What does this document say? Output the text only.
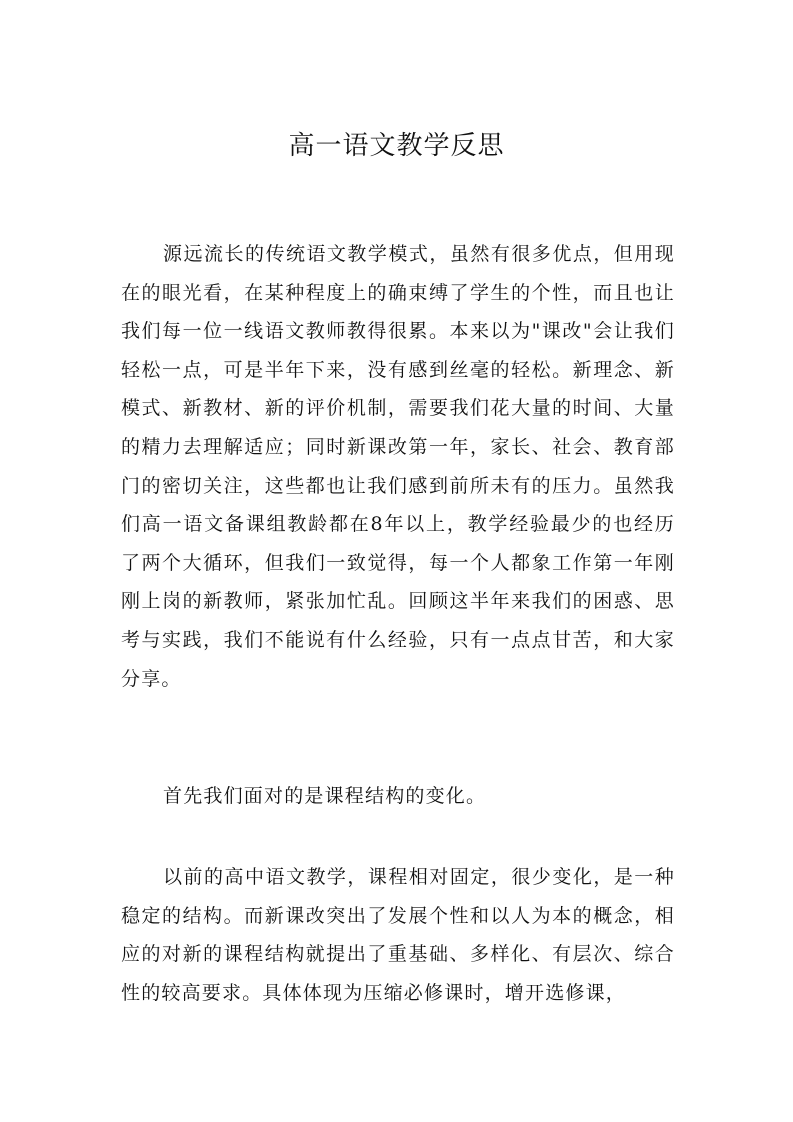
高一语文教学反思

源远流长的传统语文教学模式，虽然有很多优点，但用现在的眼光看，在某种程度上的确束缚了学生的个性，而且也让我们每一位一线语文教师教得很累。本来以为"课改"会让我们轻松一点，可是半年下来，没有感到丝毫的轻松。新理念、新模式、新教材、新的评价机制，需要我们花大量的时间、大量的精力去理解适应；同时新课改第一年，家长、社会、教育部门的密切关注，这些都也让我们感到前所未有的压力。虽然我们高一语文备课组教龄都在8年以上，教学经验最少的也经历了两个大循环，但我们一致觉得，每一个人都象工作第一年刚刚上岗的新教师，紧张加忙乱。回顾这半年来我们的困惑、思考与实践，我们不能说有什么经验，只有一点点甘苦，和大家分享。

首先我们面对的是课程结构的变化。

以前的高中语文教学，课程相对固定，很少变化，是一种稳定的结构。而新课改突出了发展个性和以人为本的概念，相应的对新的课程结构就提出了重基础、多样化、有层次、综合性的较高要求。具体体现为压缩必修课时，增开选修课，
